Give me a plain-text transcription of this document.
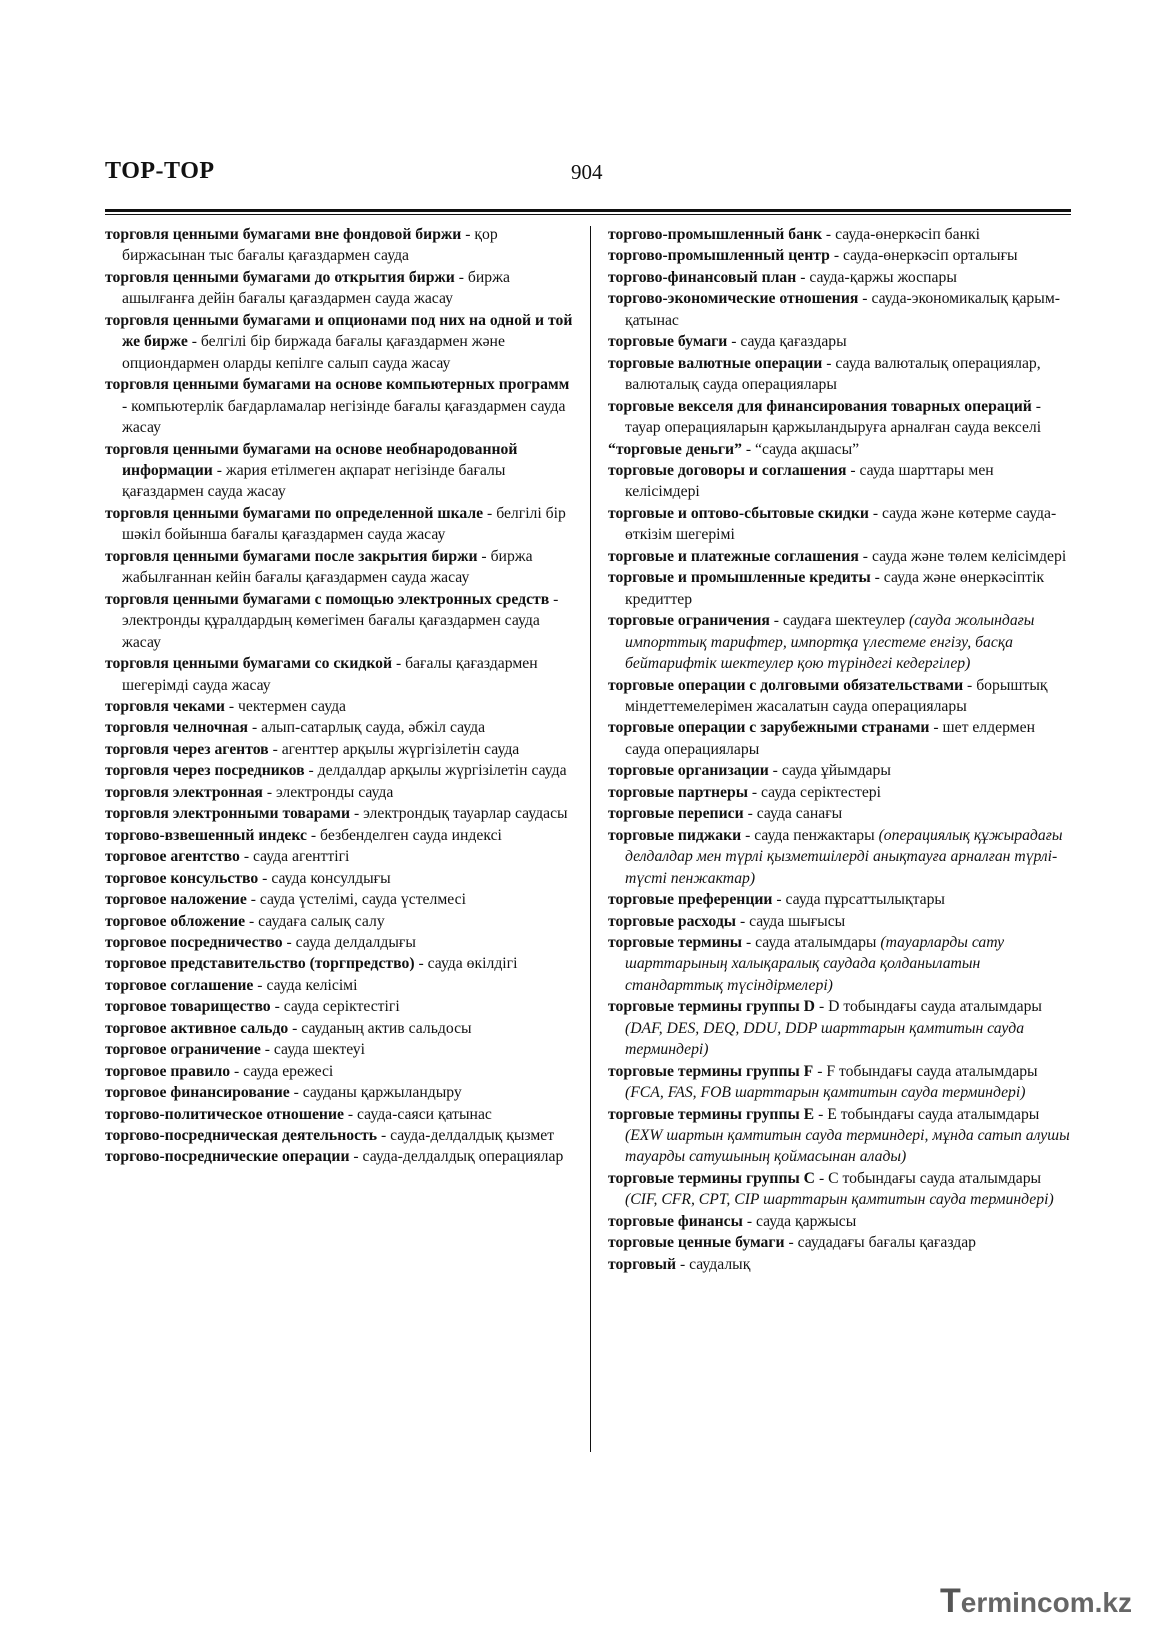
ТОР-ТОР	904

торговля ценными бумагами вне фондовой биржи - қор биржасынан тыс бағалы қағаздармен сауда

торговля ценными бумагами до открытия биржи - биржа ашылғанға дейін бағалы қағаздармен сауда жасау

торговля ценными бумагами и опционами под них на одной и той же бирже - белгілі бір биржада бағалы қағаздармен және опциондармен оларды кепілге салып сауда жасау

торговля ценными бумагами на основе компьютерных программ - компьютерлік бағдарламалар негізінде бағалы қағаздармен сауда жасау

торговля ценными бумагами на основе необнародованной информации - жария етілмеген ақпарат негізінде бағалы қағаздармен сауда жасау

торговля ценными бумагами по определенной шкале - белгілі бір шәкіл бойынша бағалы қағаздармен сауда жасау

торговля ценными бумагами после закрытия биржи - биржа жабылғаннан кейін бағалы қағаздармен сауда жасау

торговля ценными бумагами с помощью электронных средств - электронды құралдардың көмегімен бағалы қағаздармен сауда жасау

торговля ценными бумагами со скидкой - бағалы қағаздармен шегерімді сауда жасау

торговля чеками - чектермен сауда

торговля челночная - алып-сатарлық сауда, әбжіл сауда

торговля через агентов - агенттер арқылы жүргізілетін сауда

торговля через посредников - делдалдар арқылы жүргізілетін сауда

торговля электронная - электронды сауда

торговля электронными товарами - электрондық тауарлар саудасы

торгово-взвешенный индекс - безбенделген сауда индексі

торговое агентство - сауда агенттігі

торговое консульство - сауда консулдығы

торговое наложение - сауда үстелімі, сауда үстелмесі

торговое обложение - саудаға салық салу

торговое посредничество - сауда делдалдығы

торговое представительство (торгпредство) - сауда өкілдігі

торговое соглашение - сауда келісімі

торговое товарищество - сауда серіктестігі

торговое активное сальдо - сауданың актив сальдосы

торговое ограничение - сауда шектеуі

торговое правило - сауда ережесі

торговое финансирование - сауданы қаржыландыру

торгово-политическое отношение - сауда-саяси қатынас

торгово-посредническая деятельность - сауда-делдалдық қызмет

торгово-посреднические операции - сауда-делдалдық операциялар

торгово-промышленный банк - сауда-өнеркәсіп банкі

торгово-промышленный центр - сауда-өнеркәсіп орталығы

торгово-финансовый план - сауда-қаржы жоспары

торгово-экономические отношения - сауда-экономикалық қарым-қатынас

торговые бумаги - сауда қағаздары

торговые валютные операции - сауда валюталық операциялар, валюталық сауда операциялары

торговые векселя для финансирования товарных операций - тауар операцияларын қаржыландыруға арналған сауда векселі

“торговые деньги” - “сауда ақшасы”

торговые договоры и соглашения - сауда шарттары мен келісімдері

торговые и оптово-сбытовые скидки - сауда және көтерме сауда-өткізім шегерімі

торговые и платежные соглашения - сауда және төлем келісімдері

торговые и промышленные кредиты - сауда және өнеркәсіптік кредиттер

торговые ограничения - саудаға шектеулер (сауда жолындағы импорттық тарифтер, импортқа үлестеме енгізу, басқа бейтарифтік шектеулер қою түріндегі кедергілер)

торговые операции с долговыми обязательствами - борыштық міндеттемелерімен жасалатын сауда операциялары

торговые операции с зарубежными странами - шет елдермен сауда операциялары

торговые организации - сауда ұйымдары

торговые партнеры - сауда серіктестері

торговые переписи - сауда санағы

торговые пиджаки - сауда пенжактары (операциялық құжырадағы делдалдар мен түрлі қызметшілерді анықтауға арналған түрлі-түсті пенжактар)

торговые преференции - сауда пұрсаттылықтары

торговые расходы - сауда шығысы

торговые термины - сауда аталымдары (тауарларды сату шарттарының халықаралық саудада қолданылатын стандарттық түсіндірмелері)

торговые термины группы D - D тобындағы сауда аталымдары (DAF, DES, DEQ, DDU, DDP шарттарын қамтитын сауда терминдері)

торговые термины группы F - F тобындағы сауда аталымдары (FCA, FAS, FOB шарттарын қамтитын сауда терминдері)

торговые термины группы Е - Е тобындағы сауда аталымдары (EXW шартын қамтитын сауда терминдері, мұнда сатып алушы тауарды сатушының қоймасынан алады)

торговые термины группы С - С тобындағы сауда аталымдары (CIF, CFR, CPT, CIP шарттарын қамтитын сауда терминдері)

торговые финансы - сауда қаржысы

торговые ценные бумаги - саудадағы бағалы қағаздар

торговый - саудалық

Termincom.kz
